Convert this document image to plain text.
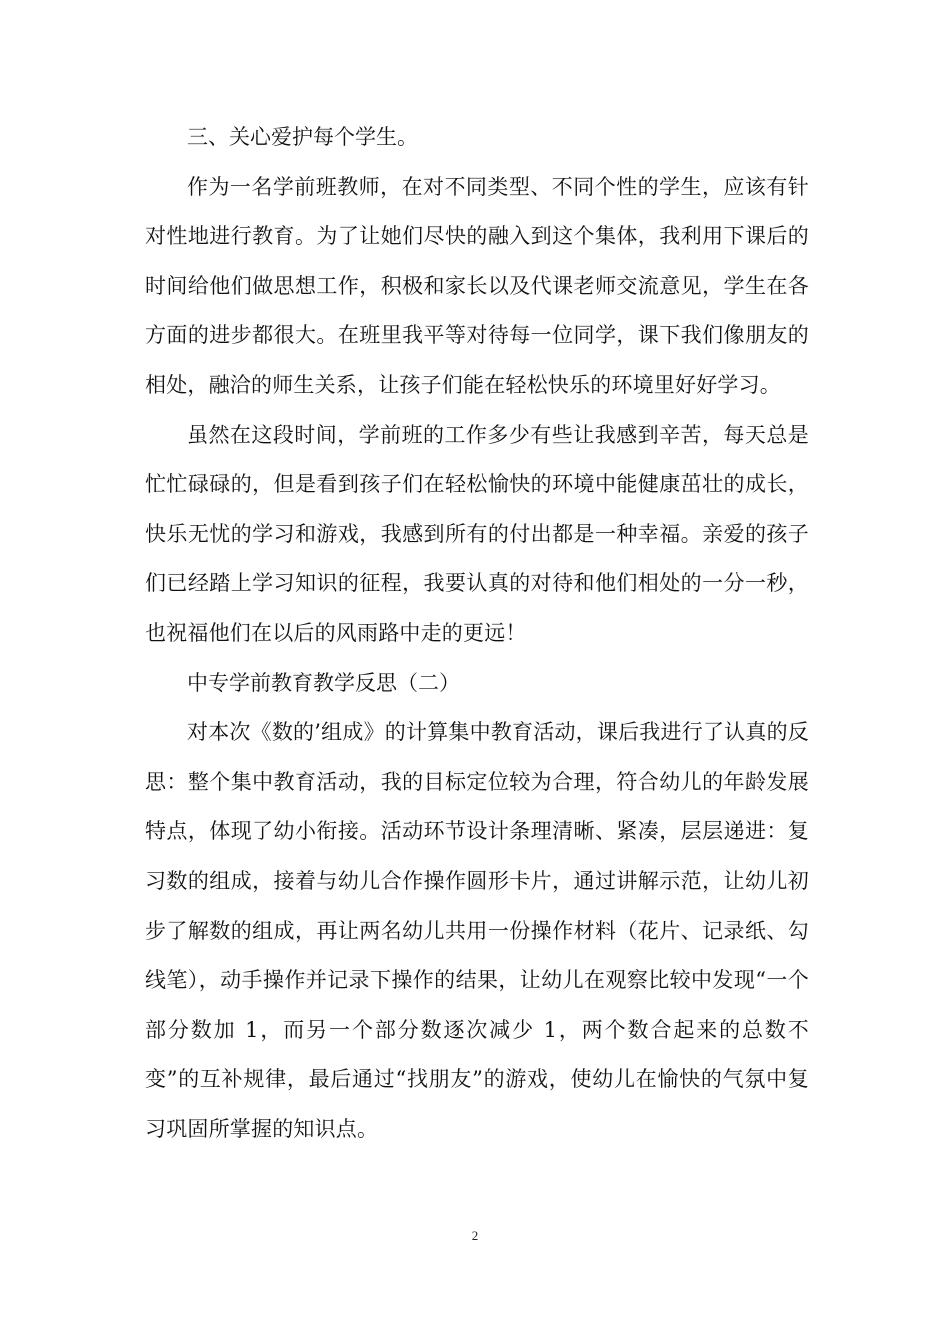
三、关心爱护每个学生。

作为一名学前班教师，在对不同类型、不同个性的学生，应该有针对性地进行教育。为了让她们尽快的融入到这个集体，我利用下课后的时间给他们做思想工作，积极和家长以及代课老师交流意见，学生在各方面的进步都很大。在班里我平等对待每一位同学，课下我们像朋友的相处，融洽的师生关系，让孩子们能在轻松快乐的环境里好好学习。

虽然在这段时间，学前班的工作多少有些让我感到辛苦，每天总是忙忙碌碌的，但是看到孩子们在轻松愉快的环境中能健康茁壮的成长，快乐无忧的学习和游戏，我感到所有的付出都是一种幸福。亲爱的孩子们已经踏上学习知识的征程，我要认真的对待和他们相处的一分一秒，也祝福他们在以后的风雨路中走的更远！

中专学前教育教学反思（二）

对本次《数的’组成》的计算集中教育活动，课后我进行了认真的反思：整个集中教育活动，我的目标定位较为合理，符合幼儿的年龄发展特点，体现了幼小衔接。活动环节设计条理清晰、紧凑，层层递进：复习数的组成，接着与幼儿合作操作圆形卡片，通过讲解示范，让幼儿初步了解数的组成，再让两名幼儿共用一份操作材料（花片、记录纸、勾线笔），动手操作并记录下操作的结果，让幼儿在观察比较中发现“一个部分数加 1，而另一个部分数逐次减少 1，两个数合起来的总数不变”的互补规律，最后通过“找朋友”的游戏，使幼儿在愉快的气氛中复习巩固所掌握的知识点。

2
